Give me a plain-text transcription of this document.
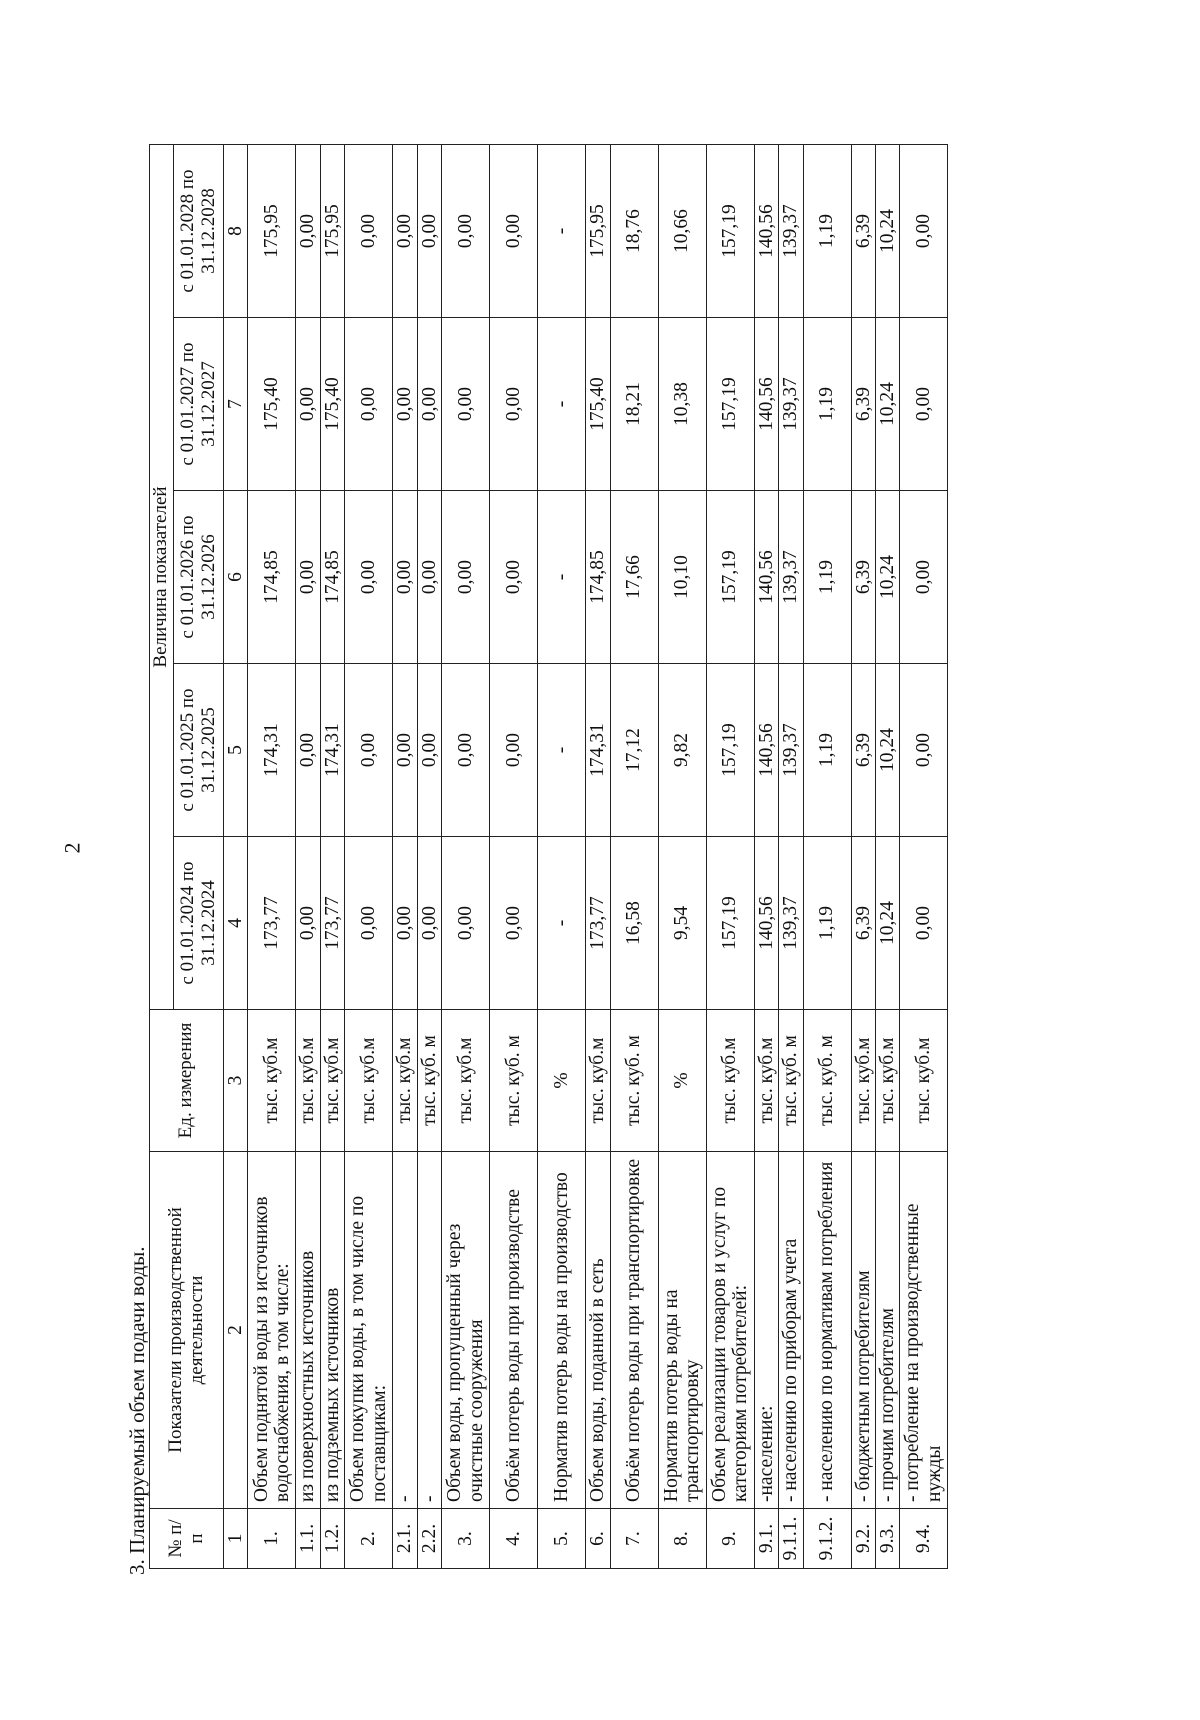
2
3. Планируемый объем подачи воды. № п/п	Показатели производственной деятельности	Ед. измерения	Величина показателей				
			с 01.01.2024 по 31.12.2024	с 01.01.2025 по 31.12.2025	с 01.01.2026 по 31.12.2026	с 01.01.2027 по 31.12.2027	с 01.01.2028 по 31.12.2028
1	2	3	4	5	6	7	8
1.	Объем поднятой воды из источников водоснабжения, в том числе:	тыс. куб.м	173,77	174,31	174,85	175,40	175,95
1.1.	из поверхностных источников	тыс. куб.м	0,00	0,00	0,00	0,00	0,00
1.2.	из подземных источников	тыс. куб.м	173,77	174,31	174,85	175,40	175,95
2.	Объем покупки воды, в том числе по поставщикам:	тыс. куб.м	0,00	0,00	0,00	0,00	0,00
2.1.	-	тыс. куб.м	0,00	0,00	0,00	0,00	0,00
2.2.	-	тыс. куб. м	0,00	0,00	0,00	0,00	0,00
3.	Объем воды, пропущенный через очистные сооружения	тыс. куб.м	0,00	0,00	0,00	0,00	0,00
4.	Объём потерь воды при производстве	тыс. куб. м	0,00	0,00	0,00	0,00	0,00
5.	Норматив потерь воды на производство	%	-	-	-	-	-
6.	Объем воды, поданной в сеть	тыс. куб.м	173,77	174,31	174,85	175,40	175,95
7.	Объём потерь воды при транспортировке	тыс. куб. м	16,58	17,12	17,66	18,21	18,76
8.	Норматив потерь воды на транспортировку	%	9,54	9,82	10,10	10,38	10,66
9.	Объем реализации товаров и услуг по категориям потребителей:	тыс. куб.м	157,19	157,19	157,19	157,19	157,19
9.1.	-население:	тыс. куб.м	140,56	140,56	140,56	140,56	140,56
9.1.1.	- населению по приборам учета	тыс. куб. м	139,37	139,37	139,37	139,37	139,37
9.1.2.	- населению по нормативам потребления	тыс. куб. м	1,19	1,19	1,19	1,19	1,19
9.2.	- бюджетным потребителям	тыс. куб.м	6,39	6,39	6,39	6,39	6,39
9.3.	- прочим потребителям	тыс. куб.м	10,24	10,24	10,24	10,24	10,24
9.4.	- потребление на производственные нужды	тыс. куб.м	0,00	0,00	0,00	0,00	0,00
